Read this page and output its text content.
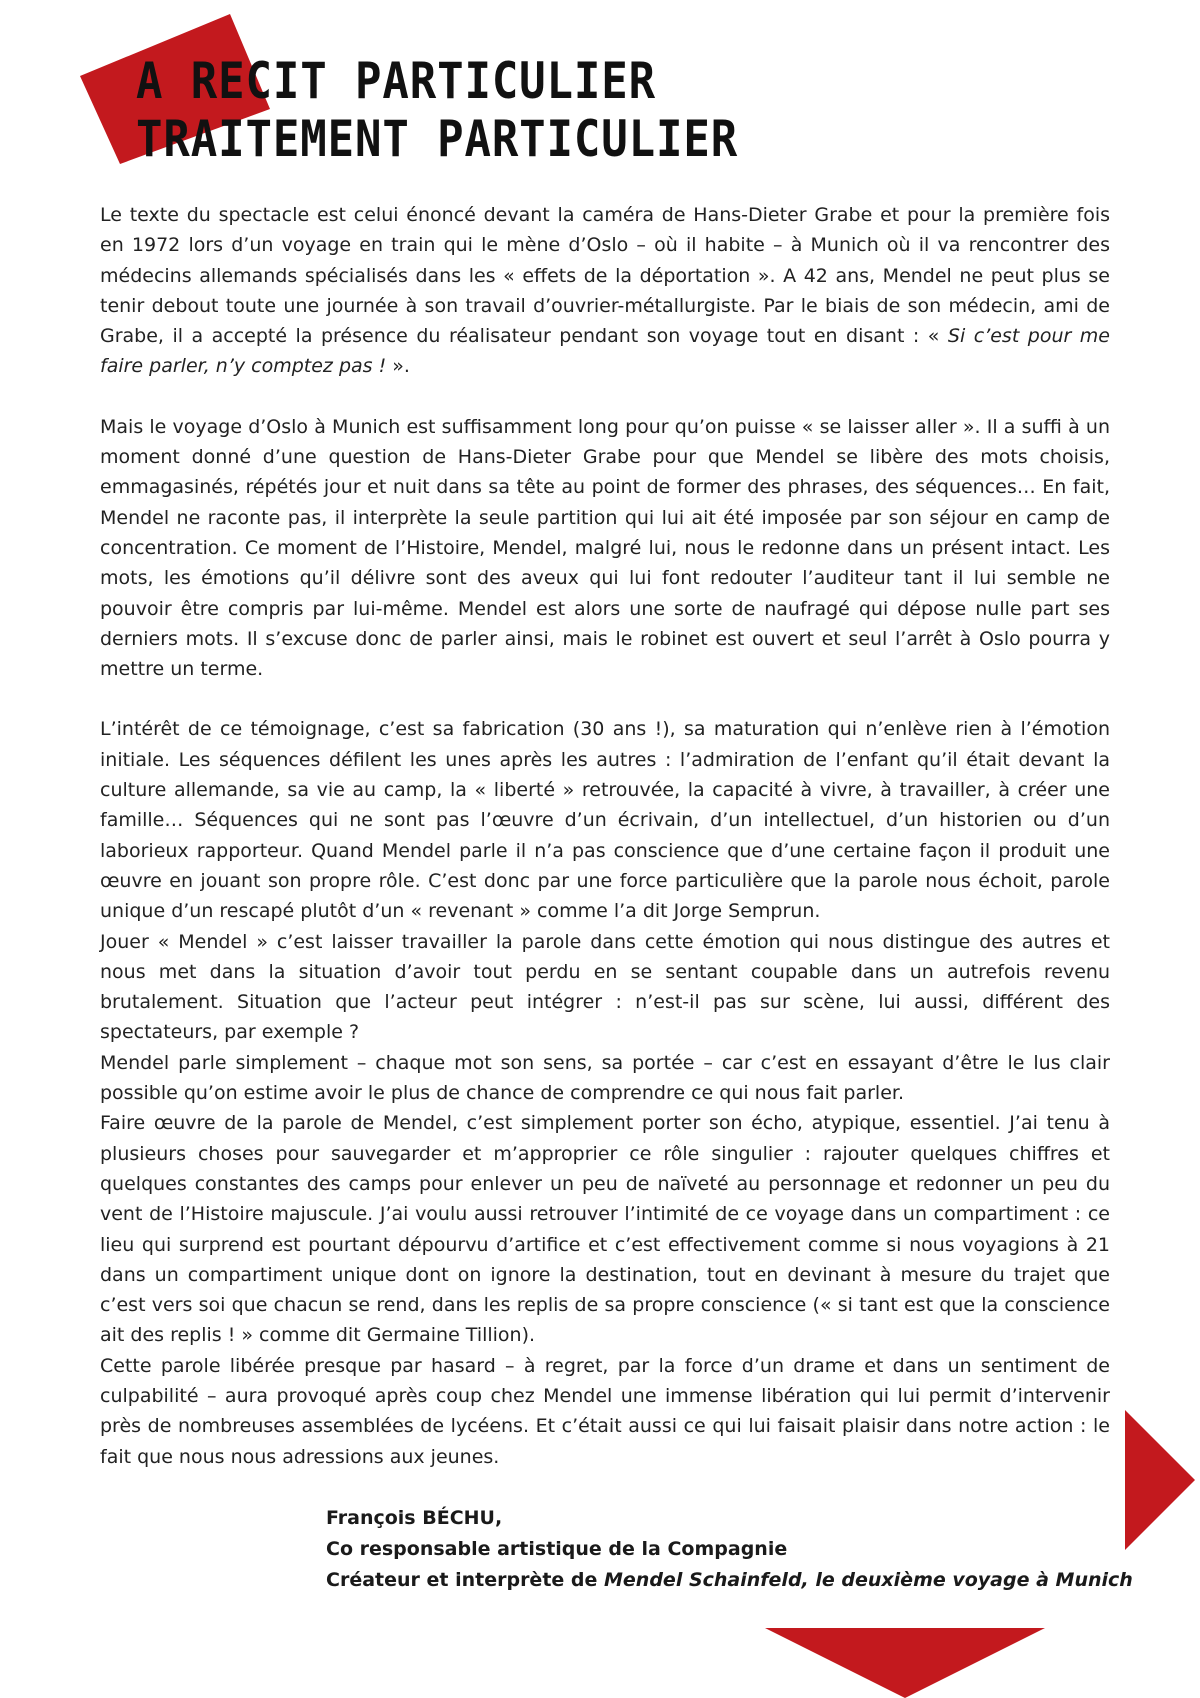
A RECIT PARTICULIER
TRAITEMENT PARTICULIER

Le texte du spectacle est celui énoncé devant la caméra de Hans-Dieter Grabe et pour la première fois en 1972 lors d’un voyage en train qui le mène d’Oslo – où il habite – à Munich où il va rencontrer des médecins allemands spécialisés dans les « effets de la déportation ». A 42 ans, Mendel ne peut plus se tenir debout toute une journée à son travail d’ouvrier-métallurgiste. Par le biais de son médecin, ami de Grabe, il a accepté la présence du réalisateur pendant son voyage tout en disant : « Si c’est pour me faire parler, n’y comptez pas ! ».

Mais le voyage d’Oslo à Munich est suffisamment long pour qu’on puisse « se laisser aller ». Il a suffi à un moment donné d’une question de Hans-Dieter Grabe pour que Mendel se libère des mots choisis, emmagasinés, répétés jour et nuit dans sa tête au point de former des phrases, des séquences… En fait, Mendel ne raconte pas, il interprète la seule partition qui lui ait été imposée par son séjour en camp de concentration. Ce moment de l’Histoire, Mendel, malgré lui, nous le redonne dans un présent intact. Les mots, les émotions qu’il délivre sont des aveux qui lui font redouter l’auditeur tant il lui semble ne pouvoir être compris par lui-même. Mendel est alors une sorte de naufragé qui dépose nulle part ses derniers mots. Il s’excuse donc de parler ainsi, mais le robinet est ouvert et seul l’arrêt à Oslo pourra y mettre un terme.

L’intérêt de ce témoignage, c’est sa fabrication (30 ans !), sa maturation qui n’enlève rien à l’émotion initiale. Les séquences défilent les unes après les autres : l’admiration de l’enfant qu’il était devant la culture allemande, sa vie au camp, la « liberté » retrouvée, la capacité à vivre, à travailler, à créer une famille… Séquences qui ne sont pas l’œuvre d’un écrivain, d’un intellectuel, d’un historien ou d’un laborieux rapporteur. Quand Mendel parle il n’a pas conscience que d’une certaine façon il produit une œuvre en jouant son propre rôle. C’est donc par une force particulière que la parole nous échoit, parole unique d’un rescapé plutôt d’un « revenant » comme l’a dit Jorge Semprun.

Jouer « Mendel » c’est laisser travailler la parole dans cette émotion qui nous distingue des autres et nous met dans la situation d’avoir tout perdu en se sentant coupable dans un autrefois revenu brutalement. Situation que l’acteur peut intégrer : n’est-il pas sur scène, lui aussi, différent des spectateurs, par exemple ?

Mendel parle simplement – chaque mot son sens, sa portée – car c’est en essayant d’être le lus clair possible qu’on estime avoir le plus de chance de comprendre ce qui nous fait parler.

Faire œuvre de la parole de Mendel, c’est simplement porter son écho, atypique, essentiel. J’ai tenu à plusieurs choses pour sauvegarder et m’approprier ce rôle singulier : rajouter quelques chiffres et quelques constantes des camps pour enlever un peu de naïveté au personnage et redonner un peu du vent de l’Histoire majuscule. J’ai voulu aussi retrouver l’intimité de ce voyage dans un compartiment : ce lieu qui surprend est pourtant dépourvu d’artifice et c’est effectivement comme si nous voyagions à 21 dans un compartiment unique dont on ignore la destination, tout en devinant à mesure du trajet que c’est vers soi que chacun se rend, dans les replis de sa propre conscience (« si tant est que la conscience ait des replis ! » comme dit Germaine Tillion).

Cette parole libérée presque par hasard – à regret, par la force d’un drame et dans un sentiment de culpabilité – aura provoqué après coup chez Mendel une immense libération qui lui permit d’intervenir près de nombreuses assemblées de lycéens. Et c’était aussi ce qui lui faisait plaisir dans notre action : le fait que nous nous adressions aux jeunes.

François BÉCHU,
Co responsable artistique de la Compagnie
Créateur et interprète de Mendel Schainfeld, le deuxième voyage à Munich
